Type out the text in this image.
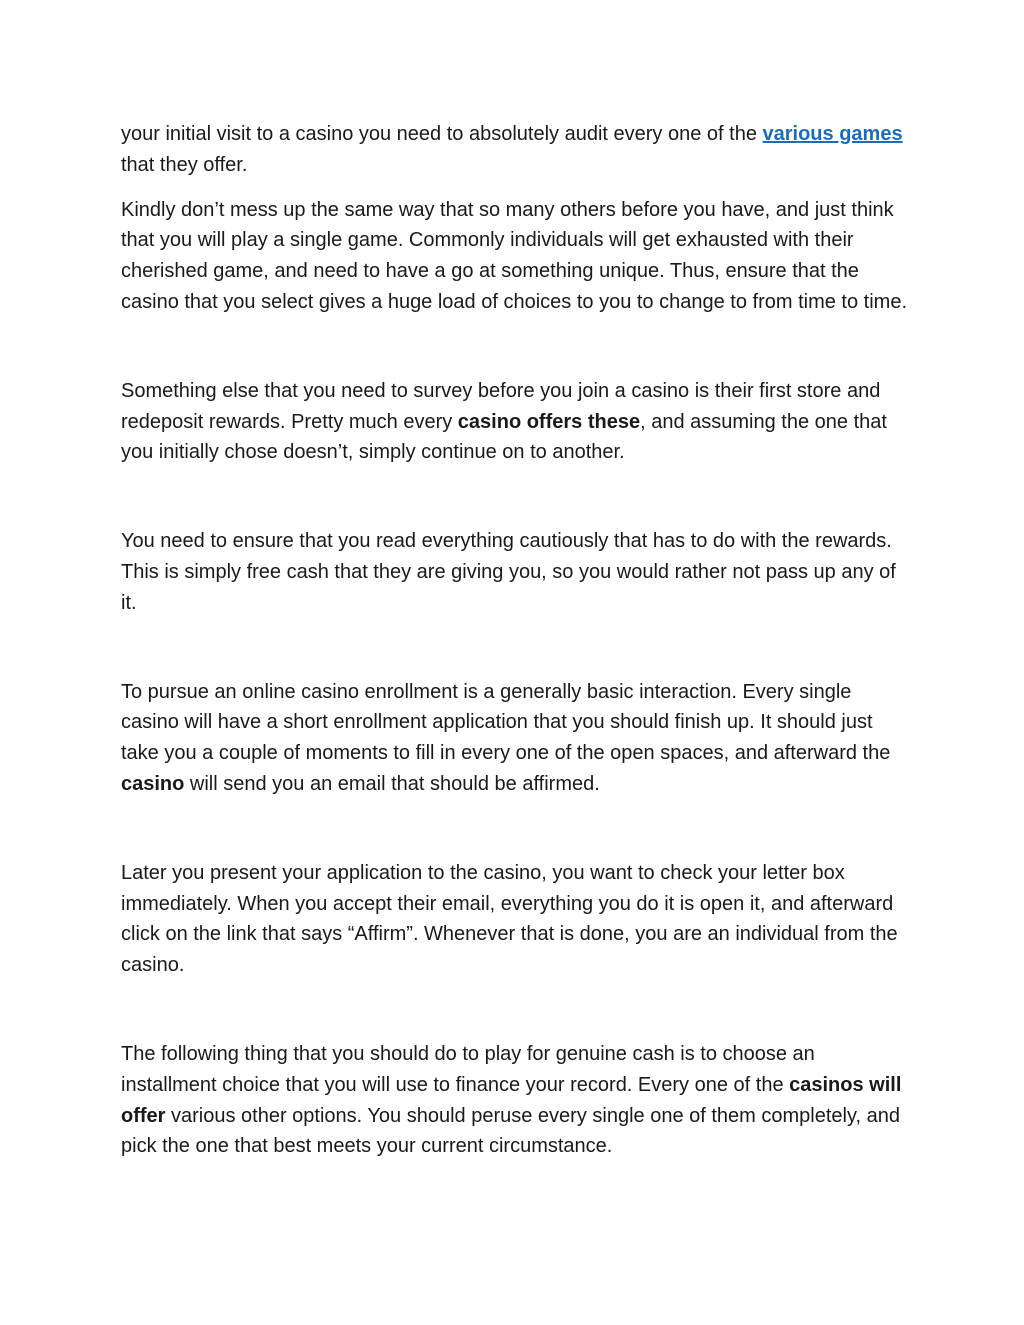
your initial visit to a casino you need to absolutely audit every one of the various games that they offer.

Kindly don’t mess up the same way that so many others before you have, and just think that you will play a single game. Commonly individuals will get exhausted with their cherished game, and need to have a go at something unique. Thus, ensure that the casino that you select gives a huge load of choices to you to change to from time to time.

Something else that you need to survey before you join a casino is their first store and redeposit rewards. Pretty much every casino offers these, and assuming the one that you initially chose doesn’t, simply continue on to another.

You need to ensure that you read everything cautiously that has to do with the rewards. This is simply free cash that they are giving you, so you would rather not pass up any of it.

To pursue an online casino enrollment is a generally basic interaction. Every single casino will have a short enrollment application that you should finish up. It should just take you a couple of moments to fill in every one of the open spaces, and afterward the casino will send you an email that should be affirmed.

Later you present your application to the casino, you want to check your letter box immediately. When you accept their email, everything you do it is open it, and afterward click on the link that says “Affirm”. Whenever that is done, you are an individual from the casino.

The following thing that you should do to play for genuine cash is to choose an installment choice that you will use to finance your record. Every one of the casinos will offer various other options. You should peruse every single one of them completely, and pick the one that best meets your current circumstance.
